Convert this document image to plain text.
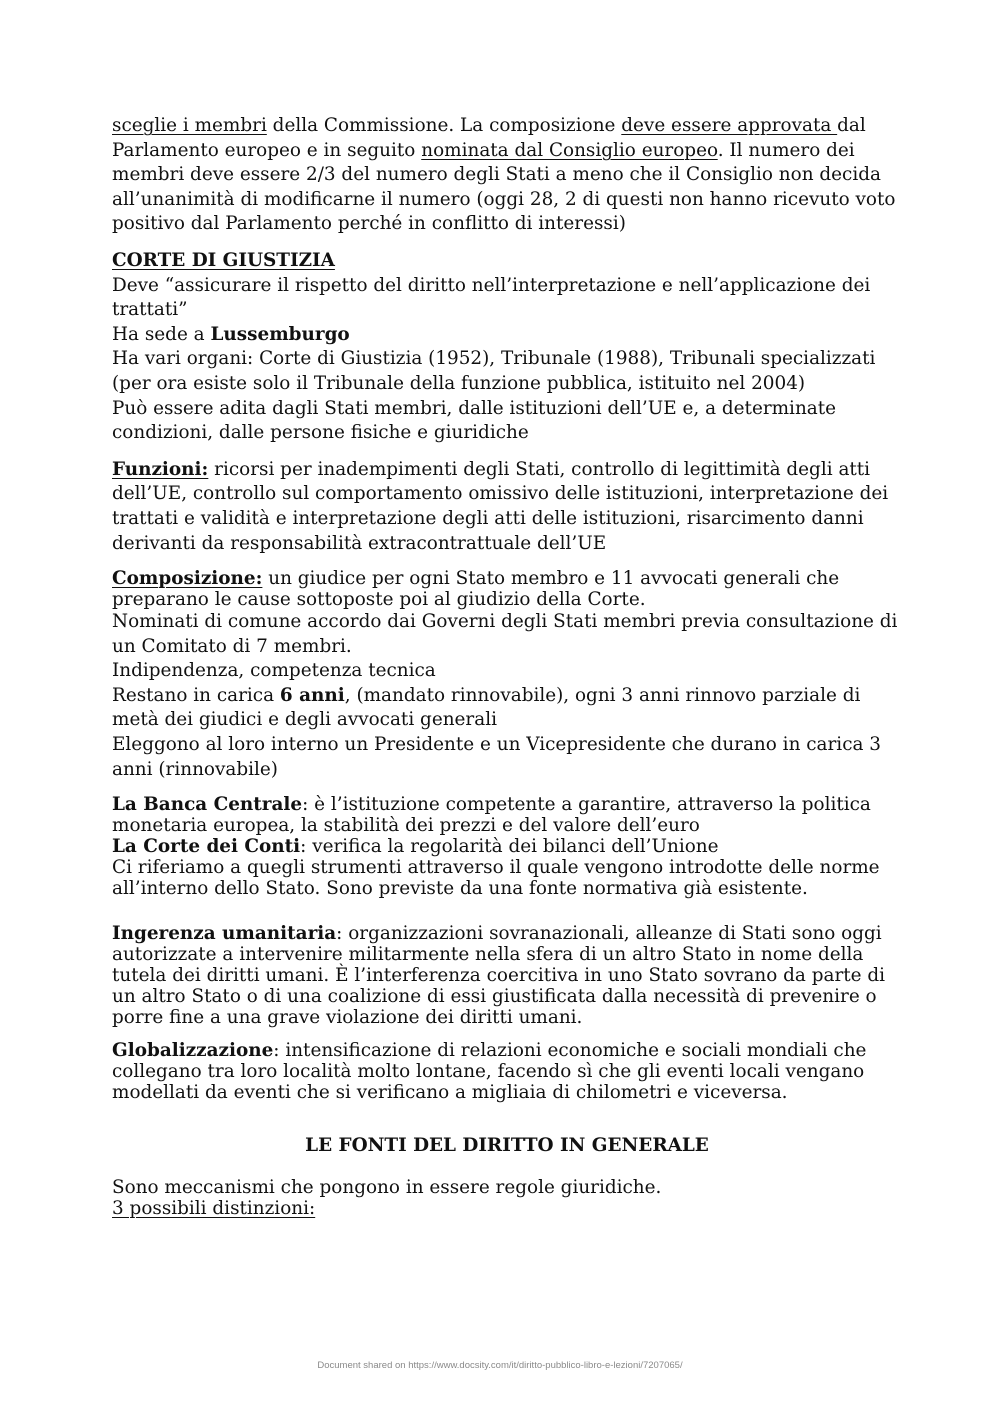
sceglie i membri della Commissione. La composizione deve essere approvata dal Parlamento europeo e in seguito nominata dal Consiglio europeo. Il numero dei membri deve essere 2/3 del numero degli Stati a meno che il Consiglio non decida all’unanimità di modificarne il numero (oggi 28, 2 di questi non hanno ricevuto voto positivo dal Parlamento perché in conflitto di interessi)

CORTE DI GIUSTIZIA

Deve “assicurare il rispetto del diritto nell’interpretazione e nell’applicazione dei trattati”

Ha sede a Lussemburgo

Ha vari organi: Corte di Giustizia (1952), Tribunale (1988), Tribunali specializzati (per ora esiste solo il Tribunale della funzione pubblica, istituito nel 2004)

Può essere adita dagli Stati membri, dalle istituzioni dell’UE e, a determinate condizioni, dalle persone fisiche e giuridiche

Funzioni: ricorsi per inadempimenti degli Stati, controllo di legittimità degli atti dell’UE, controllo sul comportamento omissivo delle istituzioni, interpretazione dei trattati e validità e interpretazione degli atti delle istituzioni, risarcimento danni derivanti da responsabilità extracontrattuale dell’UE

Composizione: un giudice per ogni Stato membro e 11 avvocati generali che preparano le cause sottoposte poi al giudizio della Corte.

Nominati di comune accordo dai Governi degli Stati membri previa consultazione di un Comitato di 7 membri.

Indipendenza, competenza tecnica

Restano in carica 6 anni, (mandato rinnovabile), ogni 3 anni rinnovo parziale di metà dei giudici e degli avvocati generali

Eleggono al loro interno un Presidente e un Vicepresidente che durano in carica 3 anni (rinnovabile)

La Banca Centrale: è l’istituzione competente a garantire, attraverso la politica monetaria europea, la stabilità dei prezzi e del valore dell’euro

La Corte dei Conti: verifica la regolarità dei bilanci dell’Unione

Ci riferiamo a quegli strumenti attraverso il quale vengono introdotte delle norme all’interno dello Stato. Sono previste da una fonte normativa già esistente.

Ingerenza umanitaria: organizzazioni sovranazionali, alleanze di Stati sono oggi autorizzate a intervenire militarmente nella sfera di un altro Stato in nome della tutela dei diritti umani. È l’interferenza coercitiva in uno Stato sovrano da parte di un altro Stato o di una coalizione di essi giustificata dalla necessità di prevenire o porre fine a una grave violazione dei diritti umani.

Globalizzazione: intensificazione di relazioni economiche e sociali mondiali che collegano tra loro località molto lontane, facendo sì che gli eventi locali vengano modellati da eventi che si verificano a migliaia di chilometri e viceversa.

LE FONTI DEL DIRITTO IN GENERALE

Sono meccanismi che pongono in essere regole giuridiche.

3 possibili distinzioni:

Document shared on https://www.docsity.com/it/diritto-pubblico-libro-e-lezioni/7207065/
